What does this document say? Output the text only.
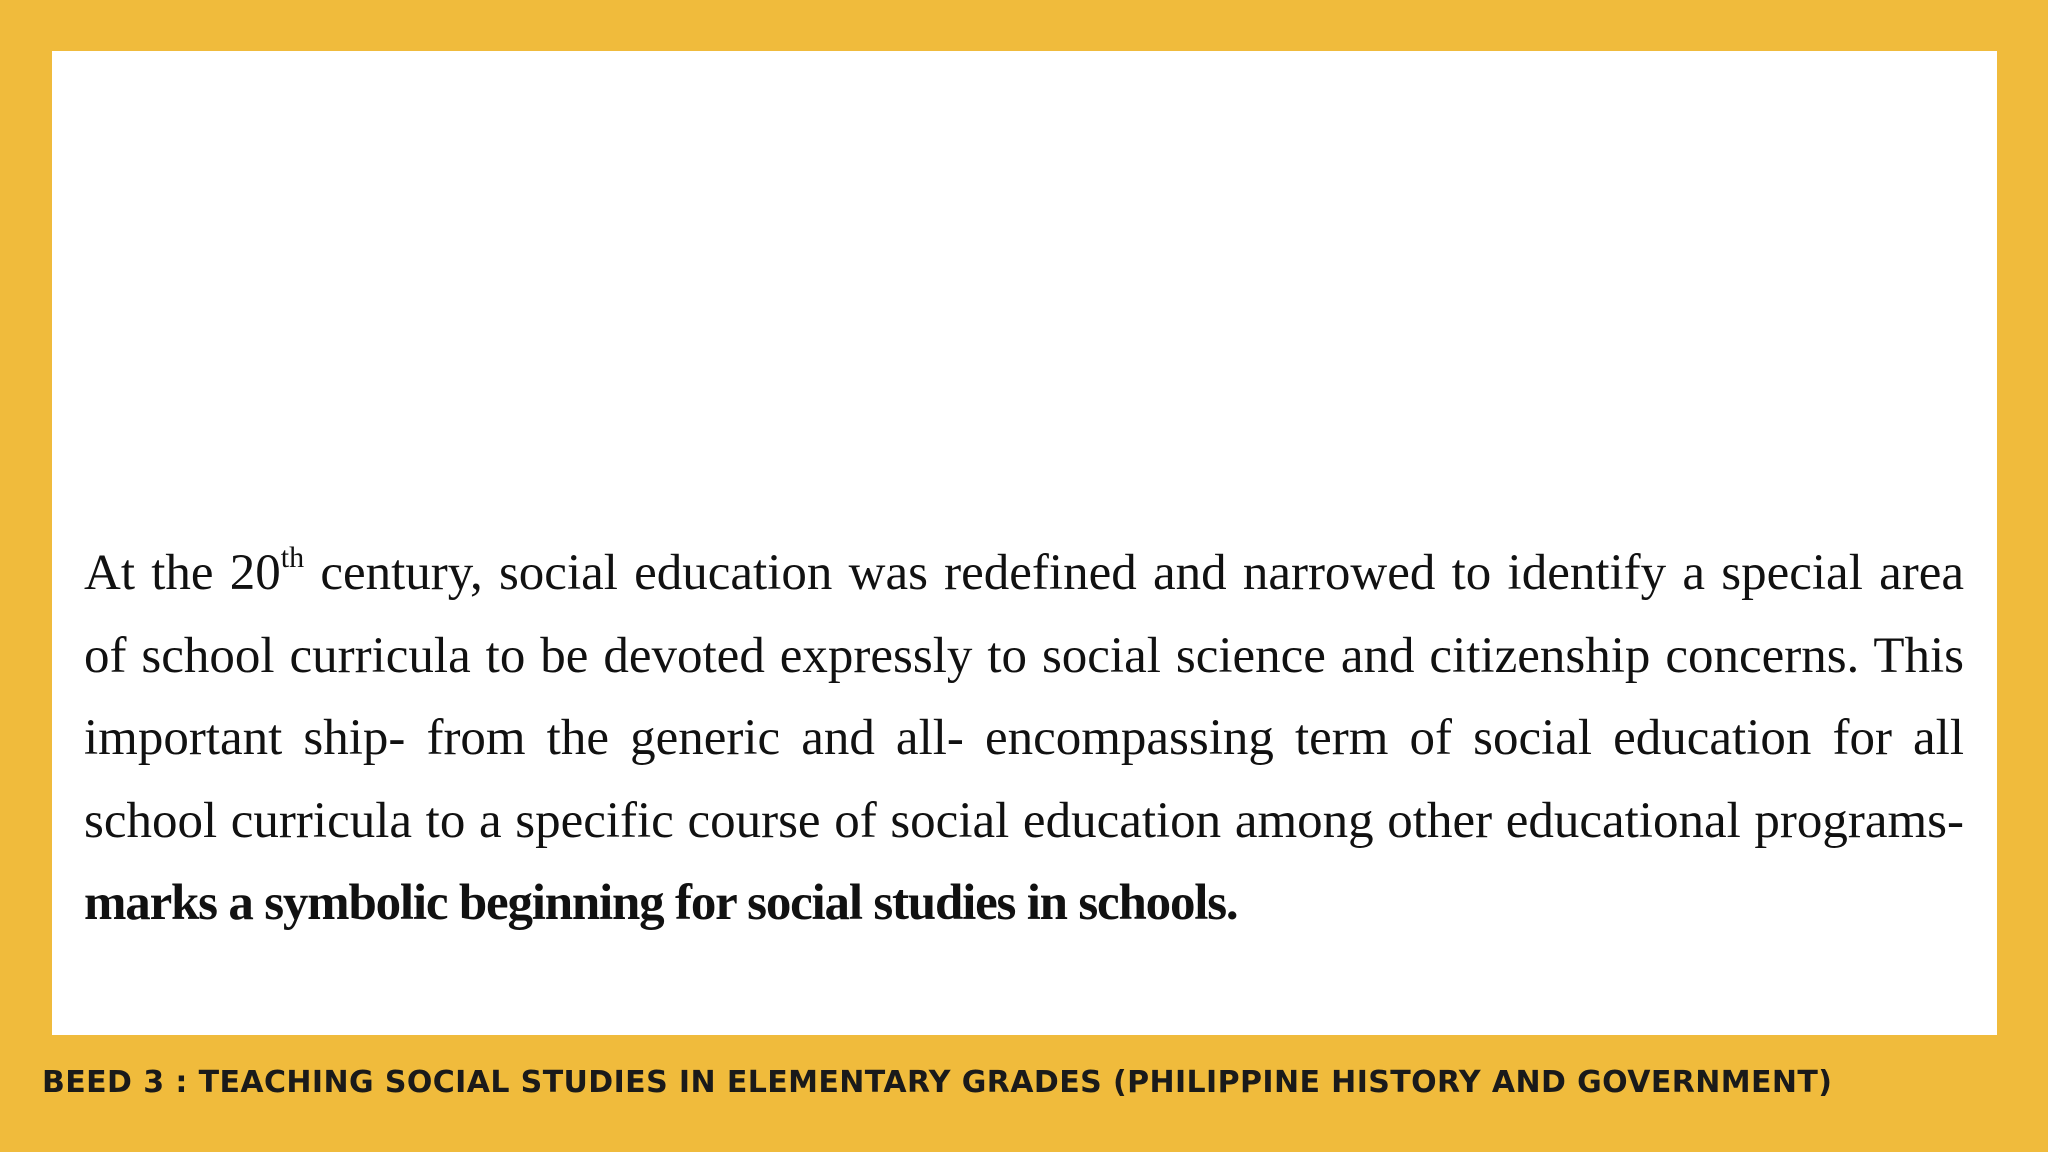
At the 20th century, social education was redefined and narrowed to identify a special area of school curricula to be devoted expressly to social science and citizenship concerns. This important ship- from the generic and all- encompassing term of social education for all school curricula to a specific course of social education among other educational programs- marks a symbolic beginning for social studies in schools.

BEED 3 : TEACHING SOCIAL STUDIES IN ELEMENTARY GRADES (PHILIPPINE HISTORY AND GOVERNMENT)
